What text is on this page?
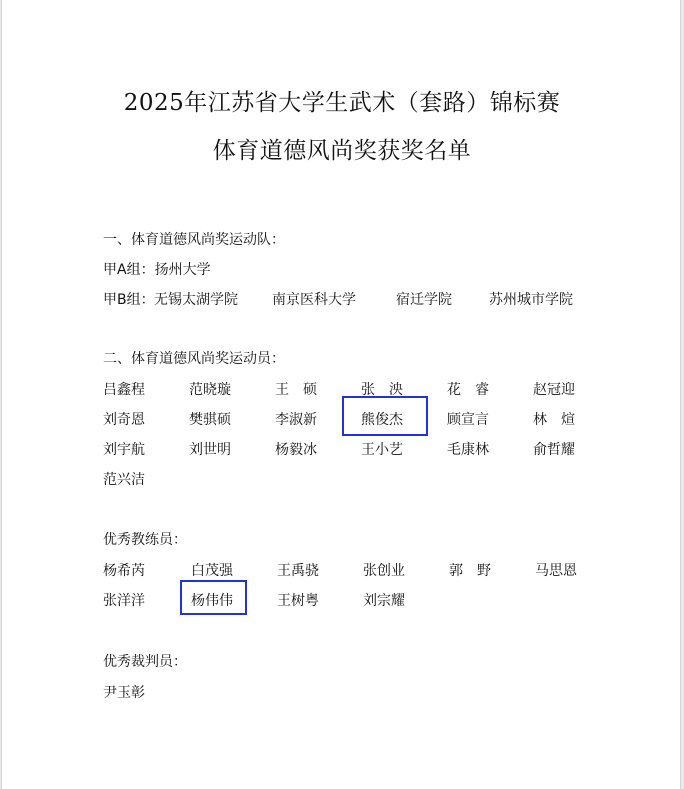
2025年江苏省大学生武术（套路）锦标赛
体育道德风尚奖获奖名单
一、体育道德风尚奖运动队：
甲A组：扬州大学
甲B组： 无锡太湖学院 南京医科大学	宿迁学院	苏州城市学院
二、体育道德风尚奖运动员：
吕鑫程	范晓璇	王　硕	张　泱	花　睿	赵冠迎
刘奇恩	樊骐硕	李淑新	熊俊杰	顾宣言	林　煊
刘宇航	刘世明	杨毅冰	王小艺	毛康林	俞哲耀
范兴洁
优秀教练员：
杨希芮	白茂强	王禹骁	张创业	郭　野	马思恩
张洋洋	杨伟伟	王树粤	刘宗耀
优秀裁判员：
尹玉彰
